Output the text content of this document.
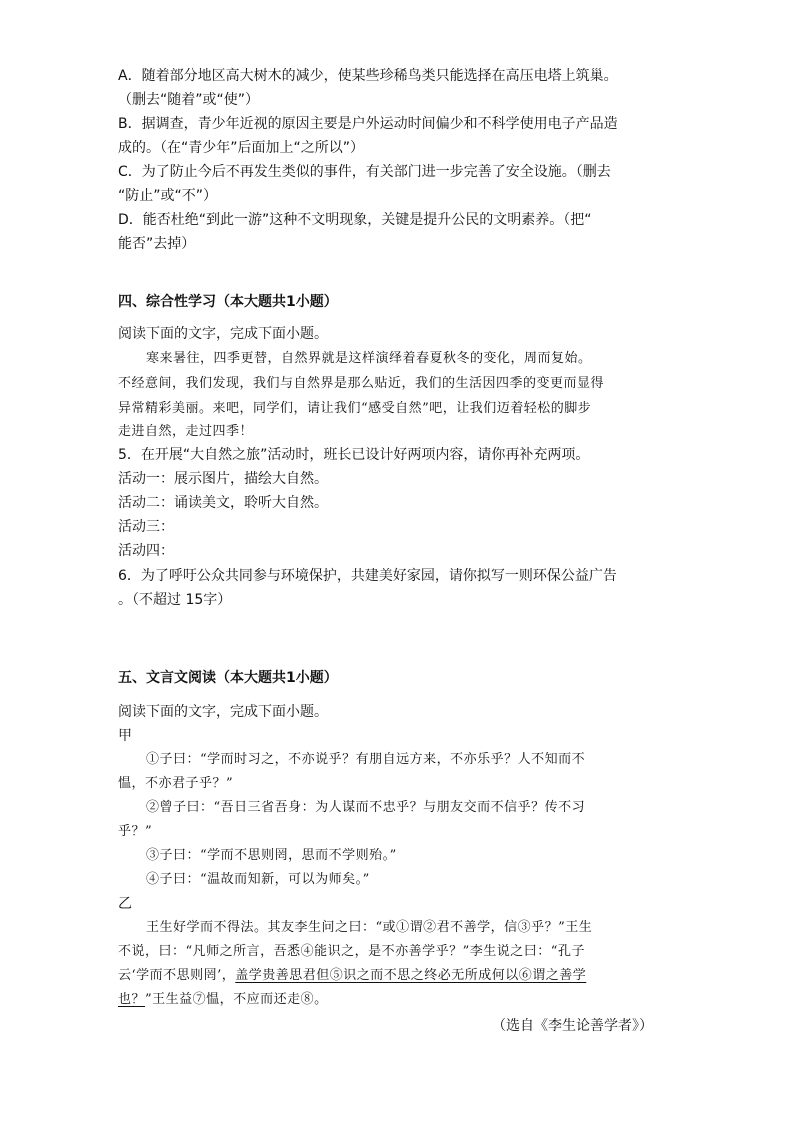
A．随着部分地区高大树木的减少，使某些珍稀鸟类只能选择在高压电塔上筑巢。
（删去“随着”或“使”）
B．据调查，青少年近视的原因主要是户外运动时间偏少和不科学使用电子产品造
成的。（在“青少年”后面加上“之所以”）
C．为了防止今后不再发生类似的事件，有关部门进一步完善了安全设施。（删去
“防止”或“不”）
D．能否杜绝“到此一游”这种不文明现象，关键是提升公民的文明素养。（把“
能否”去掉）
四、综合性学习（本大题共1小题）
阅读下面的文字，完成下面小题。
寒来暑往，四季更替，自然界就是这样演绎着春夏秋冬的变化，周而复始。
不经意间，我们发现，我们与自然界是那么贴近，我们的生活因四季的变更而显得
异常精彩美丽。来吧，同学们，请让我们“感受自然”吧，让我们迈着轻松的脚步
走进自然，走过四季！
5．在开展“大自然之旅”活动时，班长已设计好两项内容，请你再补充两项。
活动一：展示图片，描绘大自然。
活动二：诵读美文，聆听大自然。
活动三：
活动四：
6．为了呼吁公众共同参与环境保护，共建美好家园，请你拟写一则环保公益广告
。（不超过 15字）
五、文言文阅读（本大题共1小题）
阅读下面的文字，完成下面小题。
甲
①子曰：“学而时习之，不亦说乎？有朋自远方来，不亦乐乎？人不知而不
愠，不亦君子乎？”
②曾子曰：“吾日三省吾身：为人谋而不忠乎？与朋友交而不信乎？传不习
乎？”
③子曰：“学而不思则罔，思而不学则殆。”
④子曰：“温故而知新，可以为师矣。”
乙
王生好学而不得法。其友李生问之曰：“或①谓②君不善学，信③乎？”王生
不说，曰：“凡师之所言，吾悉④能识之，是不亦善学乎？”李生说之曰：“孔子
云‘学而不思则罔’，盖学贵善思君但⑤识之而不思之终必无所成何以⑥谓之善学
也？”王生益⑦愠，不应而还走⑧。
（选自《李生论善学者》）
